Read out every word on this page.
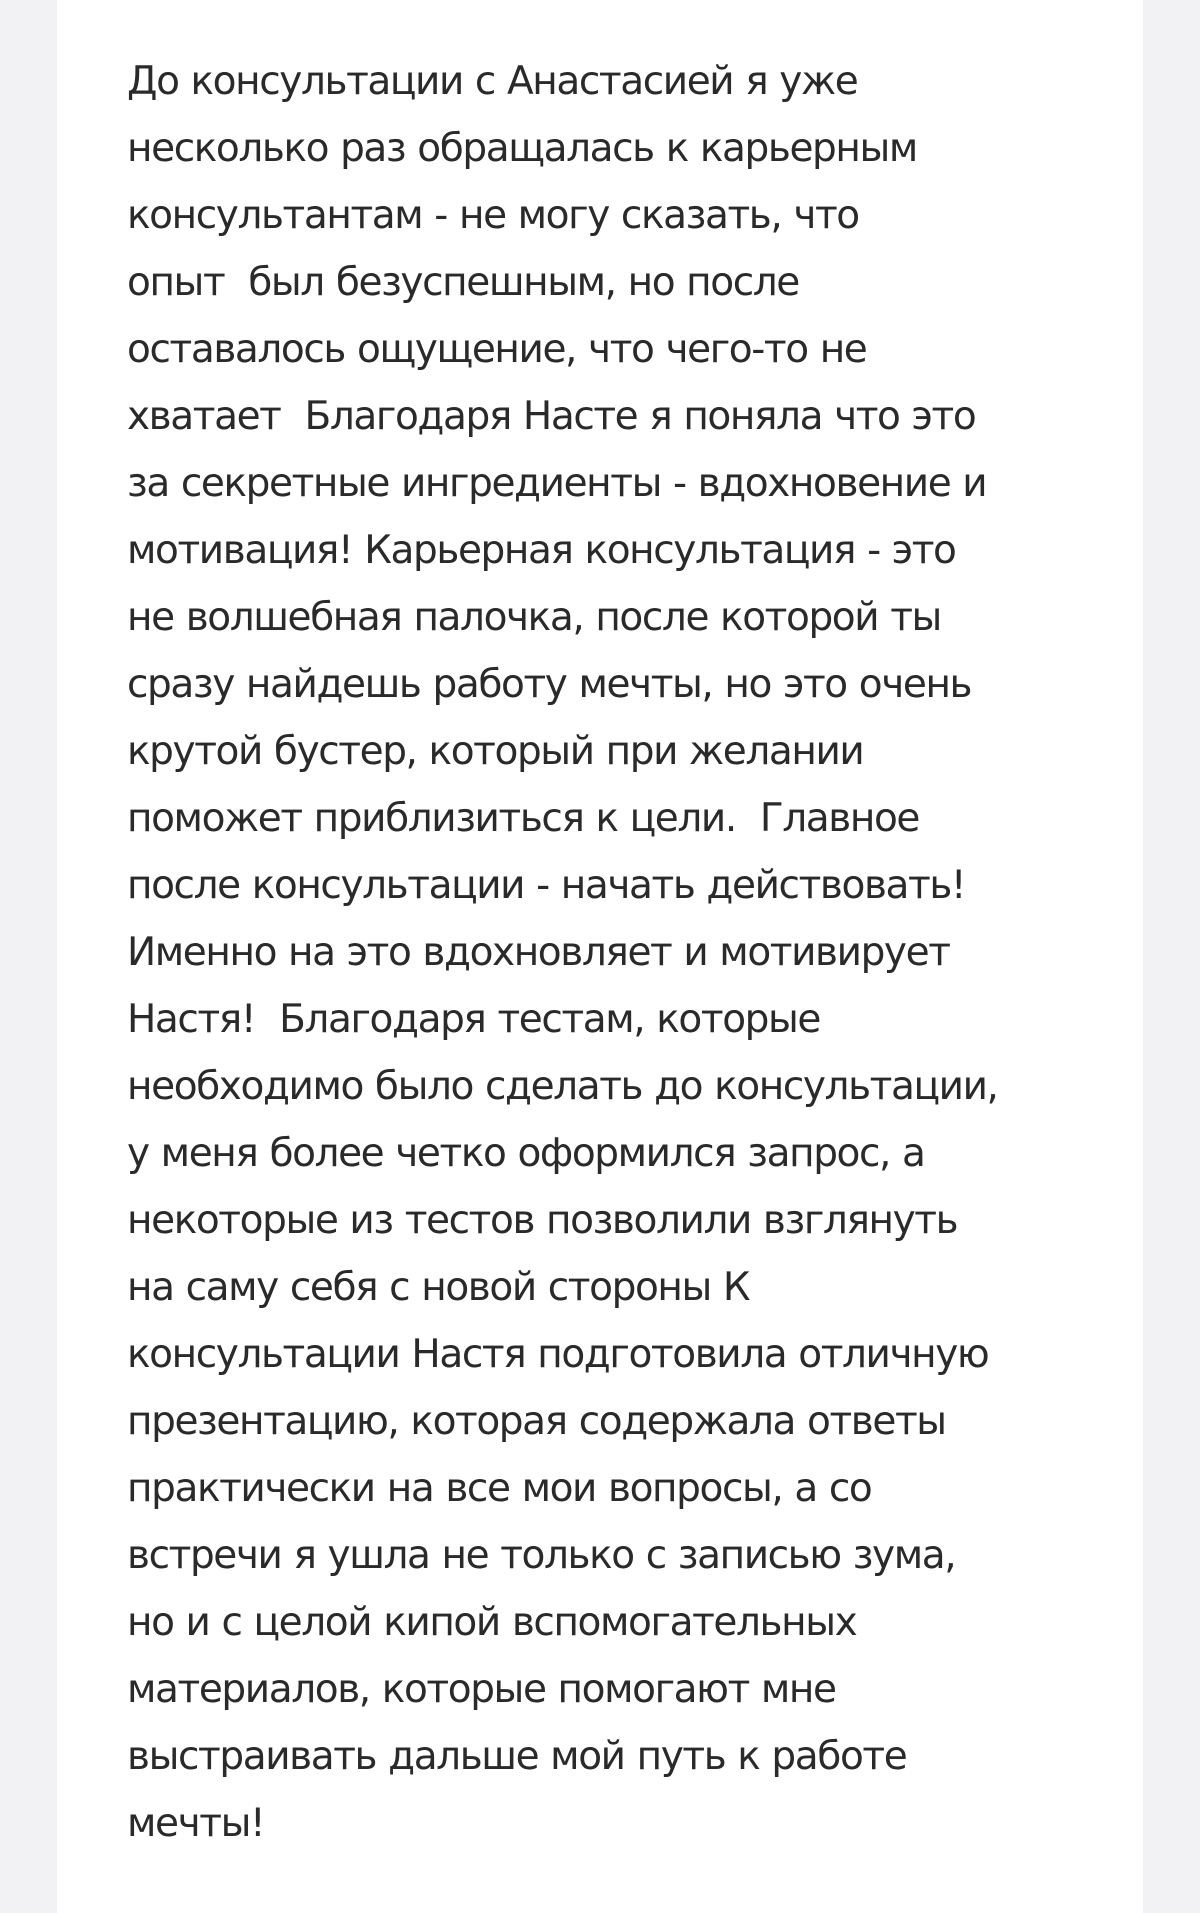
До консультации с Анастасией я уже
несколько раз обращалась к карьерным
консультантам - не могу сказать, что
опыт  был безуспешным, но после
оставалось ощущение, что чего-то не
хватает  Благодаря Насте я поняла что это
за секретные ингредиенты - вдохновение и
мотивация! Карьерная консультация - это
не волшебная палочка, после которой ты
сразу найдешь работу мечты, но это очень
крутой бустер, который при желании
поможет приблизиться к цели.  Главное
после консультации - начать действовать!
Именно на это вдохновляет и мотивирует
Настя!  Благодаря тестам, которые
необходимо было сделать до консультации,
у меня более четко оформился запрос, а
некоторые из тестов позволили взглянуть
на саму себя с новой стороны К
консультации Настя подготовила отличную
презентацию, которая содержала ответы
практически на все мои вопросы, а со
встречи я ушла не только с записью зума,
но и с целой кипой вспомогательных
материалов, которые помогают мне
выстраивать дальше мой путь к работе
мечты!
